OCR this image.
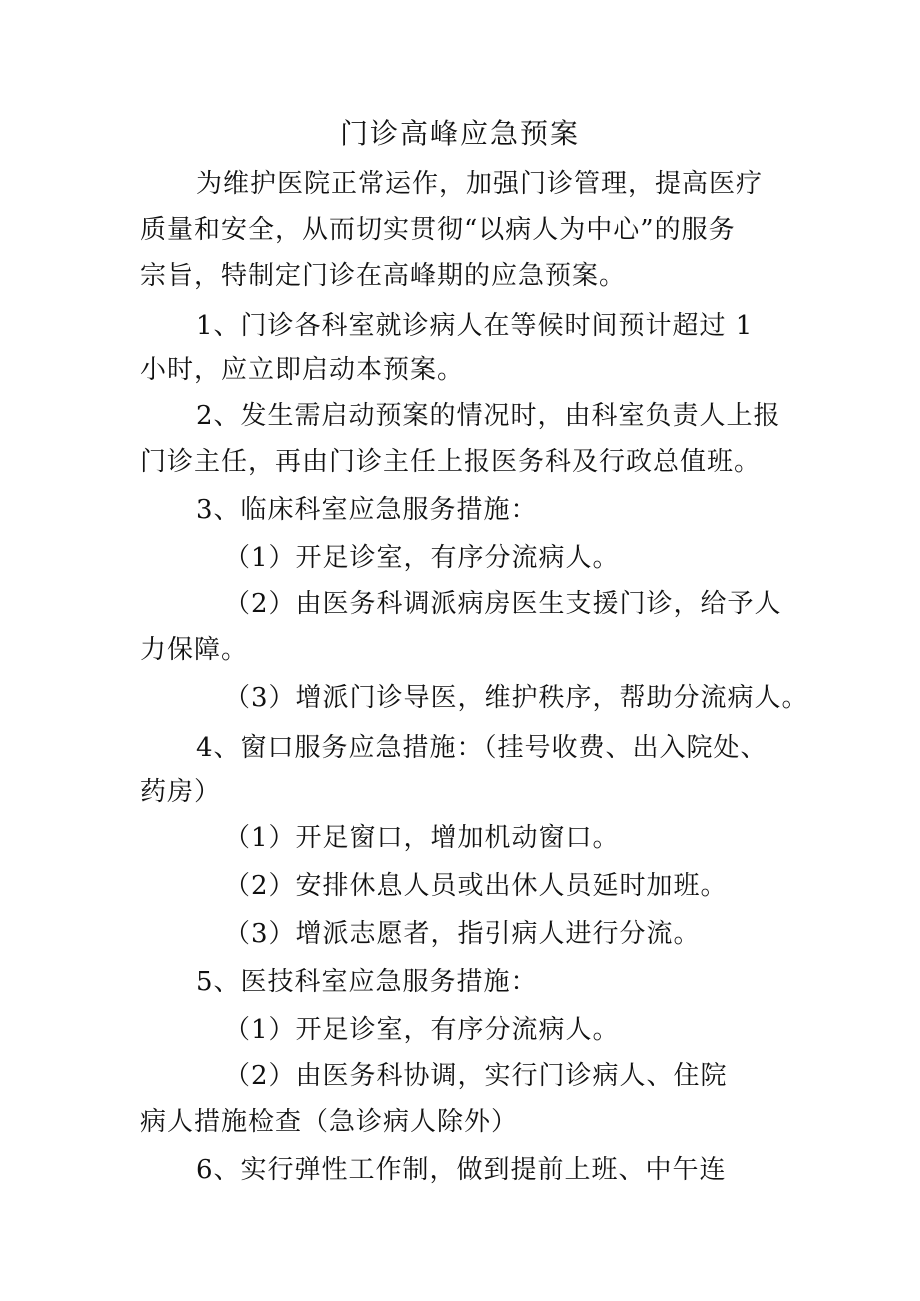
门诊高峰应急预案
为维护医院正常运作，加强门诊管理，提高医疗
质量和安全，从而切实贯彻“以病人为中心”的服务
宗旨，特制定门诊在高峰期的应急预案。
1、门诊各科室就诊病人在等候时间预计超过 1
小时，应立即启动本预案。
2、发生需启动预案的情况时，由科室负责人上报
门诊主任，再由门诊主任上报医务科及行政总值班。
3、临床科室应急服务措施：
（1）开足诊室，有序分流病人。
（2）由医务科调派病房医生支援门诊，给予人
力保障。
（3）增派门诊导医，维护秩序，帮助分流病人。
4、窗口服务应急措施：（挂号收费、出入院处、
药房）
（1）开足窗口，增加机动窗口。
（2）安排休息人员或出休人员延时加班。
（3）增派志愿者，指引病人进行分流。
5、医技科室应急服务措施：
（1）开足诊室，有序分流病人。
（2）由医务科协调，实行门诊病人、住院
病人措施检查（急诊病人除外）
6、实行弹性工作制，做到提前上班、中午连
